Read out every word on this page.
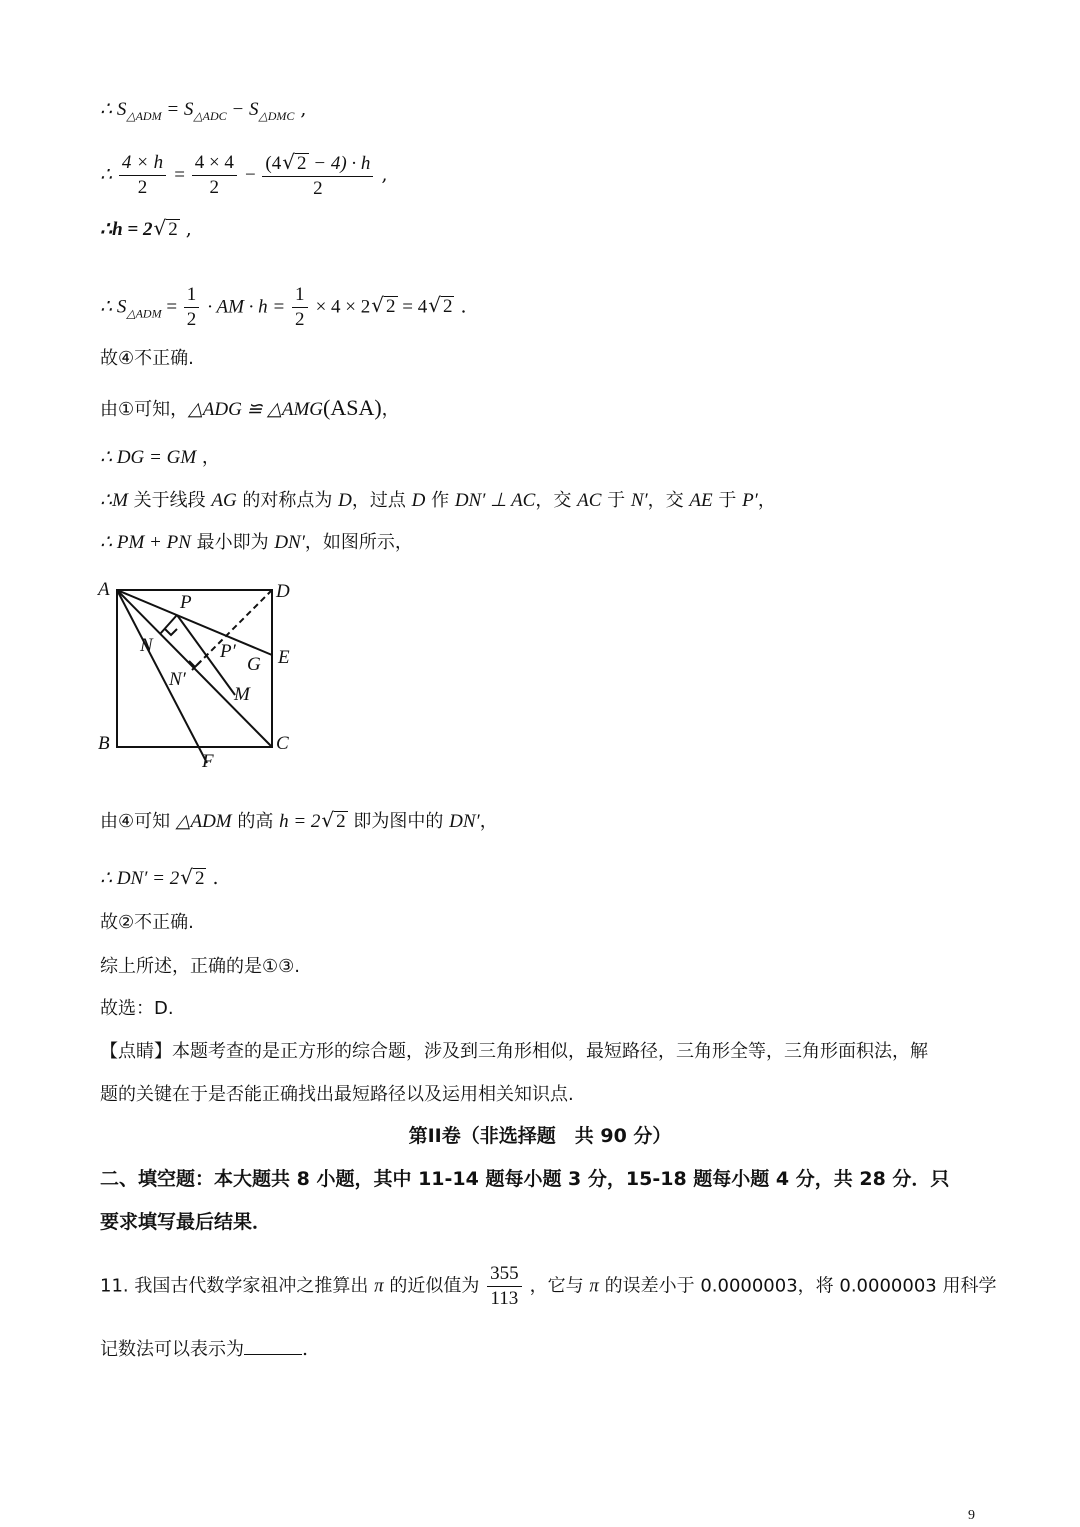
∴ $S_{\triangle ADM} = S_{\triangle ADC} - S_{\triangle DMC}$ ,
∴ $\frac{4 \times h}{2} = \frac{4 \times 4}{2} - \frac{(4√ 2 - 4) \cdot h}{2}$ ,
∴h = 2√ 2 ,
∴ $S_{\triangle ADM} = \frac{1}{2}$ · AM · $h = \frac{1}{2} \times 4 \times 2√$ 2 = 4√ 2 .
故④不正确.
由①可知，△ADG ≌ △AMG(ASA)，
∴ DG = GM ，
∴M 关于线段 AG 的对称点为 D，过点 D 作 DN′ ⊥ AC，交 AC 于 N′，交 AE 于 P′，
∴ PM + PN 最小即为 DN′，如图所示，
A	D
B	C
E
F
P
N	P′
G
N′
M
由④可知 △ADM 的高 h = 2√ 2 即为图中的 DN′，
∴ DN′ = 2√ 2 .
故②不正确.
综上所述，正确的是①③.
故选：D.
【点睛】本题考查的是正方形的综合题，涉及到三角形相似，最短路径，三角形全等，三角形面积法，解
题的关键在于是否能正确找出最短路径以及运用相关知识点.
第II卷（非选择题　共 90 分）
二、填空题：本大题共 8 小题，其中 11-14 题每小题 3 分，15-18 题每小题 4 分，共 28 分．只
要求填写最后结果．
11. 我国古代数学家祖冲之推算出 π 的近似值为 $\frac{355}{113}$ ，它与 π 的误差小于 0.0000003，将 0.0000003 用科学
记数法可以表示为	.
9
